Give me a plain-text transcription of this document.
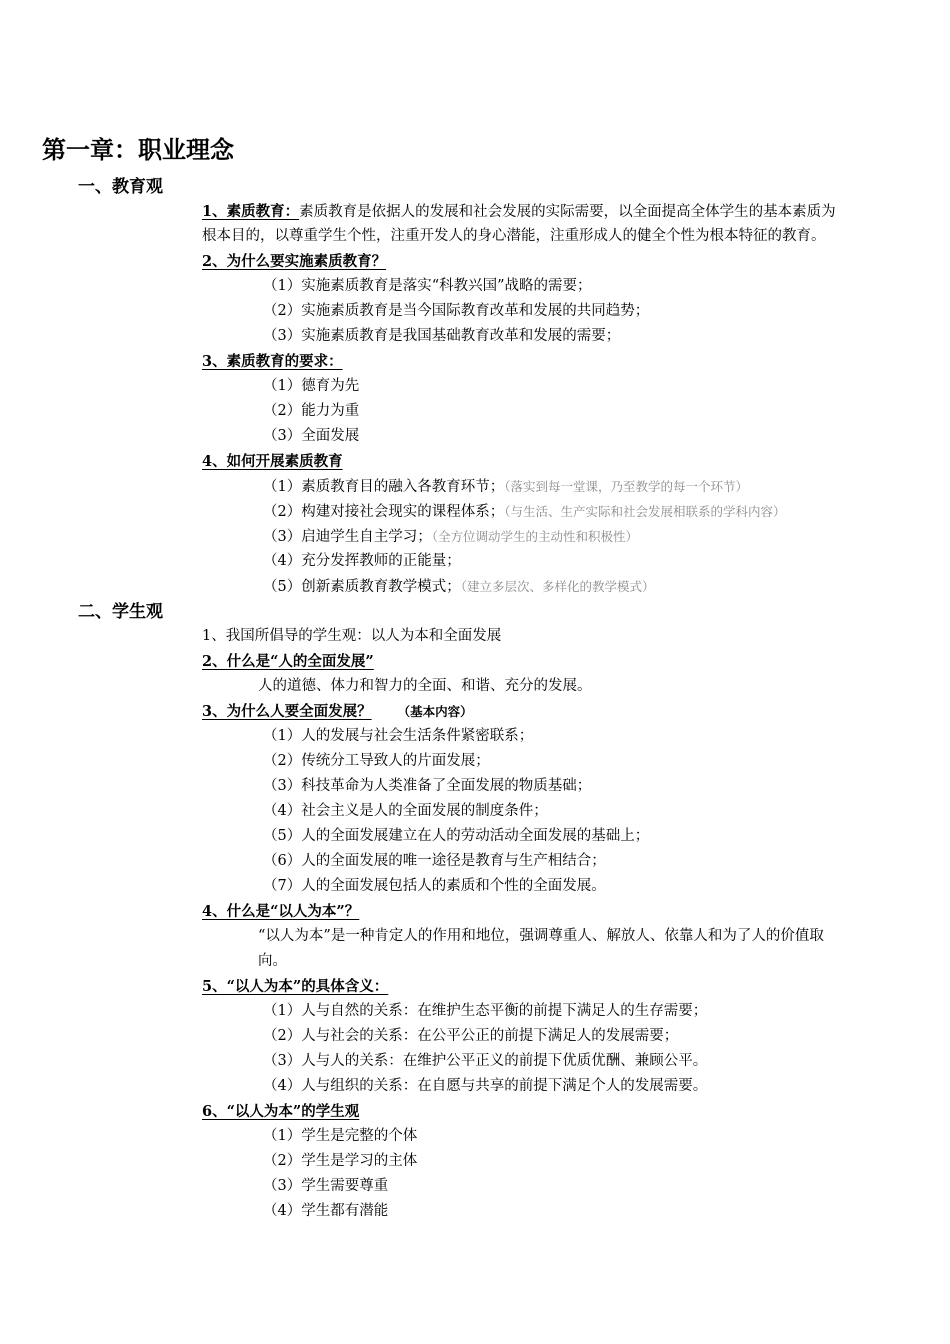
第一章：职业理念
一、教育观
1、素质教育：素质教育是依据人的发展和社会发展的实际需要，以全面提高全体学生的基本素质为
根本目的，以尊重学生个性，注重开发人的身心潜能，注重形成人的健全个性为根本特征的教育。
2、为什么要实施素质教育？
（1）实施素质教育是落实“科教兴国”战略的需要；
（2）实施素质教育是当今国际教育改革和发展的共同趋势；
（3）实施素质教育是我国基础教育改革和发展的需要；
3、素质教育的要求：
（1）德育为先
（2）能力为重
（3）全面发展
4、如何开展素质教育
（1）素质教育目的融入各教育环节；（落实到每一堂课，乃至教学的每一个环节）
（2）构建对接社会现实的课程体系；（与生活、生产实际和社会发展相联系的学科内容）
（3）启迪学生自主学习；（全方位调动学生的主动性和积极性）
（4）充分发挥教师的正能量；
（5）创新素质教育教学模式；（建立多层次、多样化的教学模式）
二、学生观
1、我国所倡导的学生观：以人为本和全面发展
2、什么是“人的全面发展”
人的道德、体力和智力的全面、和谐、充分的发展。
3、为什么人要全面发展？ （基本内容）
（1）人的发展与社会生活条件紧密联系；
（2）传统分工导致人的片面发展；
（3）科技革命为人类准备了全面发展的物质基础；
（4）社会主义是人的全面发展的制度条件；
（5）人的全面发展建立在人的劳动活动全面发展的基础上；
（6）人的全面发展的唯一途径是教育与生产相结合；
（7）人的全面发展包括人的素质和个性的全面发展。
4、什么是“以人为本”？
“以人为本”是一种肯定人的作用和地位，强调尊重人、解放人、依靠人和为了人的价值取
向。
5、“以人为本”的具体含义：
（1）人与自然的关系：在维护生态平衡的前提下满足人的生存需要；
（2）人与社会的关系：在公平公正的前提下满足人的发展需要；
（3）人与人的关系：在维护公平正义的前提下优质优酬、兼顾公平。
（4）人与组织的关系：在自愿与共享的前提下满足个人的发展需要。
6、“以人为本”的学生观
（1）学生是完整的个体
（2）学生是学习的主体
（3）学生需要尊重
（4）学生都有潜能
